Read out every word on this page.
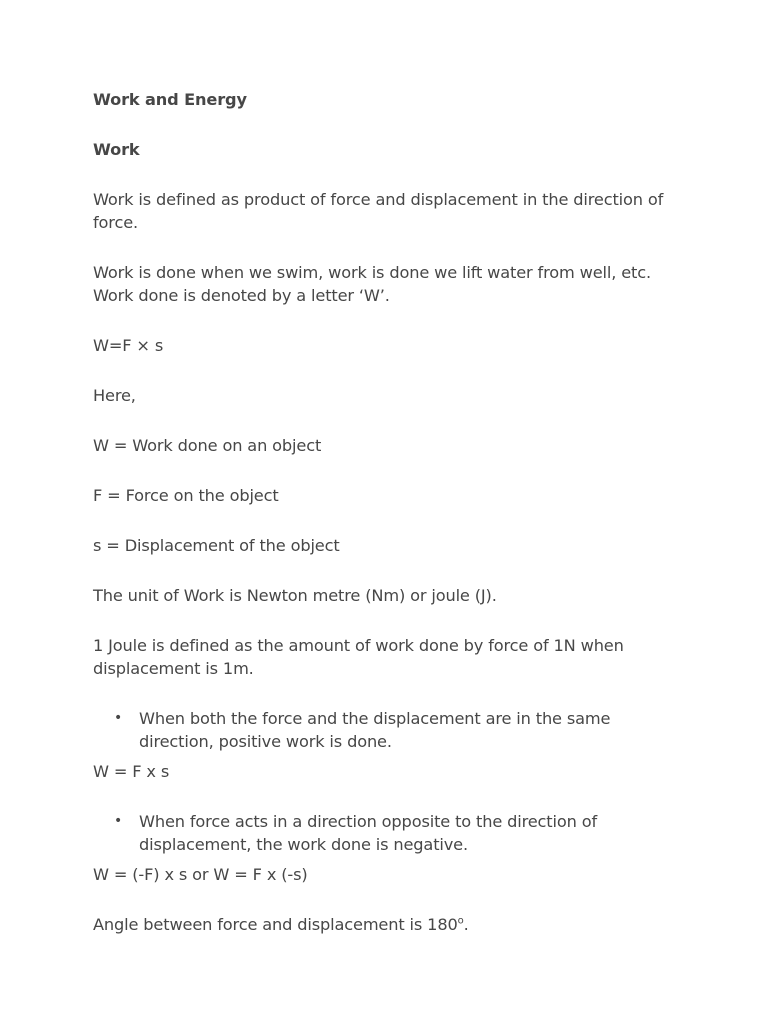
Work and Energy

Work

Work is defined as product of force and displacement in the direction of force.

Work is done when we swim, work is done we lift water from well, etc. Work done is denoted by a letter ‘W’.

W=F × s

Here,

W = Work done on an object

F = Force on the object

s = Displacement of the object

The unit of Work is Newton metre (Nm) or joule (J).

1 Joule is defined as the amount of work done by force of 1N when displacement is 1m.

• When both the force and the displacement are in the same direction, positive work is done.

W = F x s

• When force acts in a direction opposite to the direction of displacement, the work done is negative.

W = (-F) x s or W = F x (-s)

Angle between force and displacement is 180$^o$.
